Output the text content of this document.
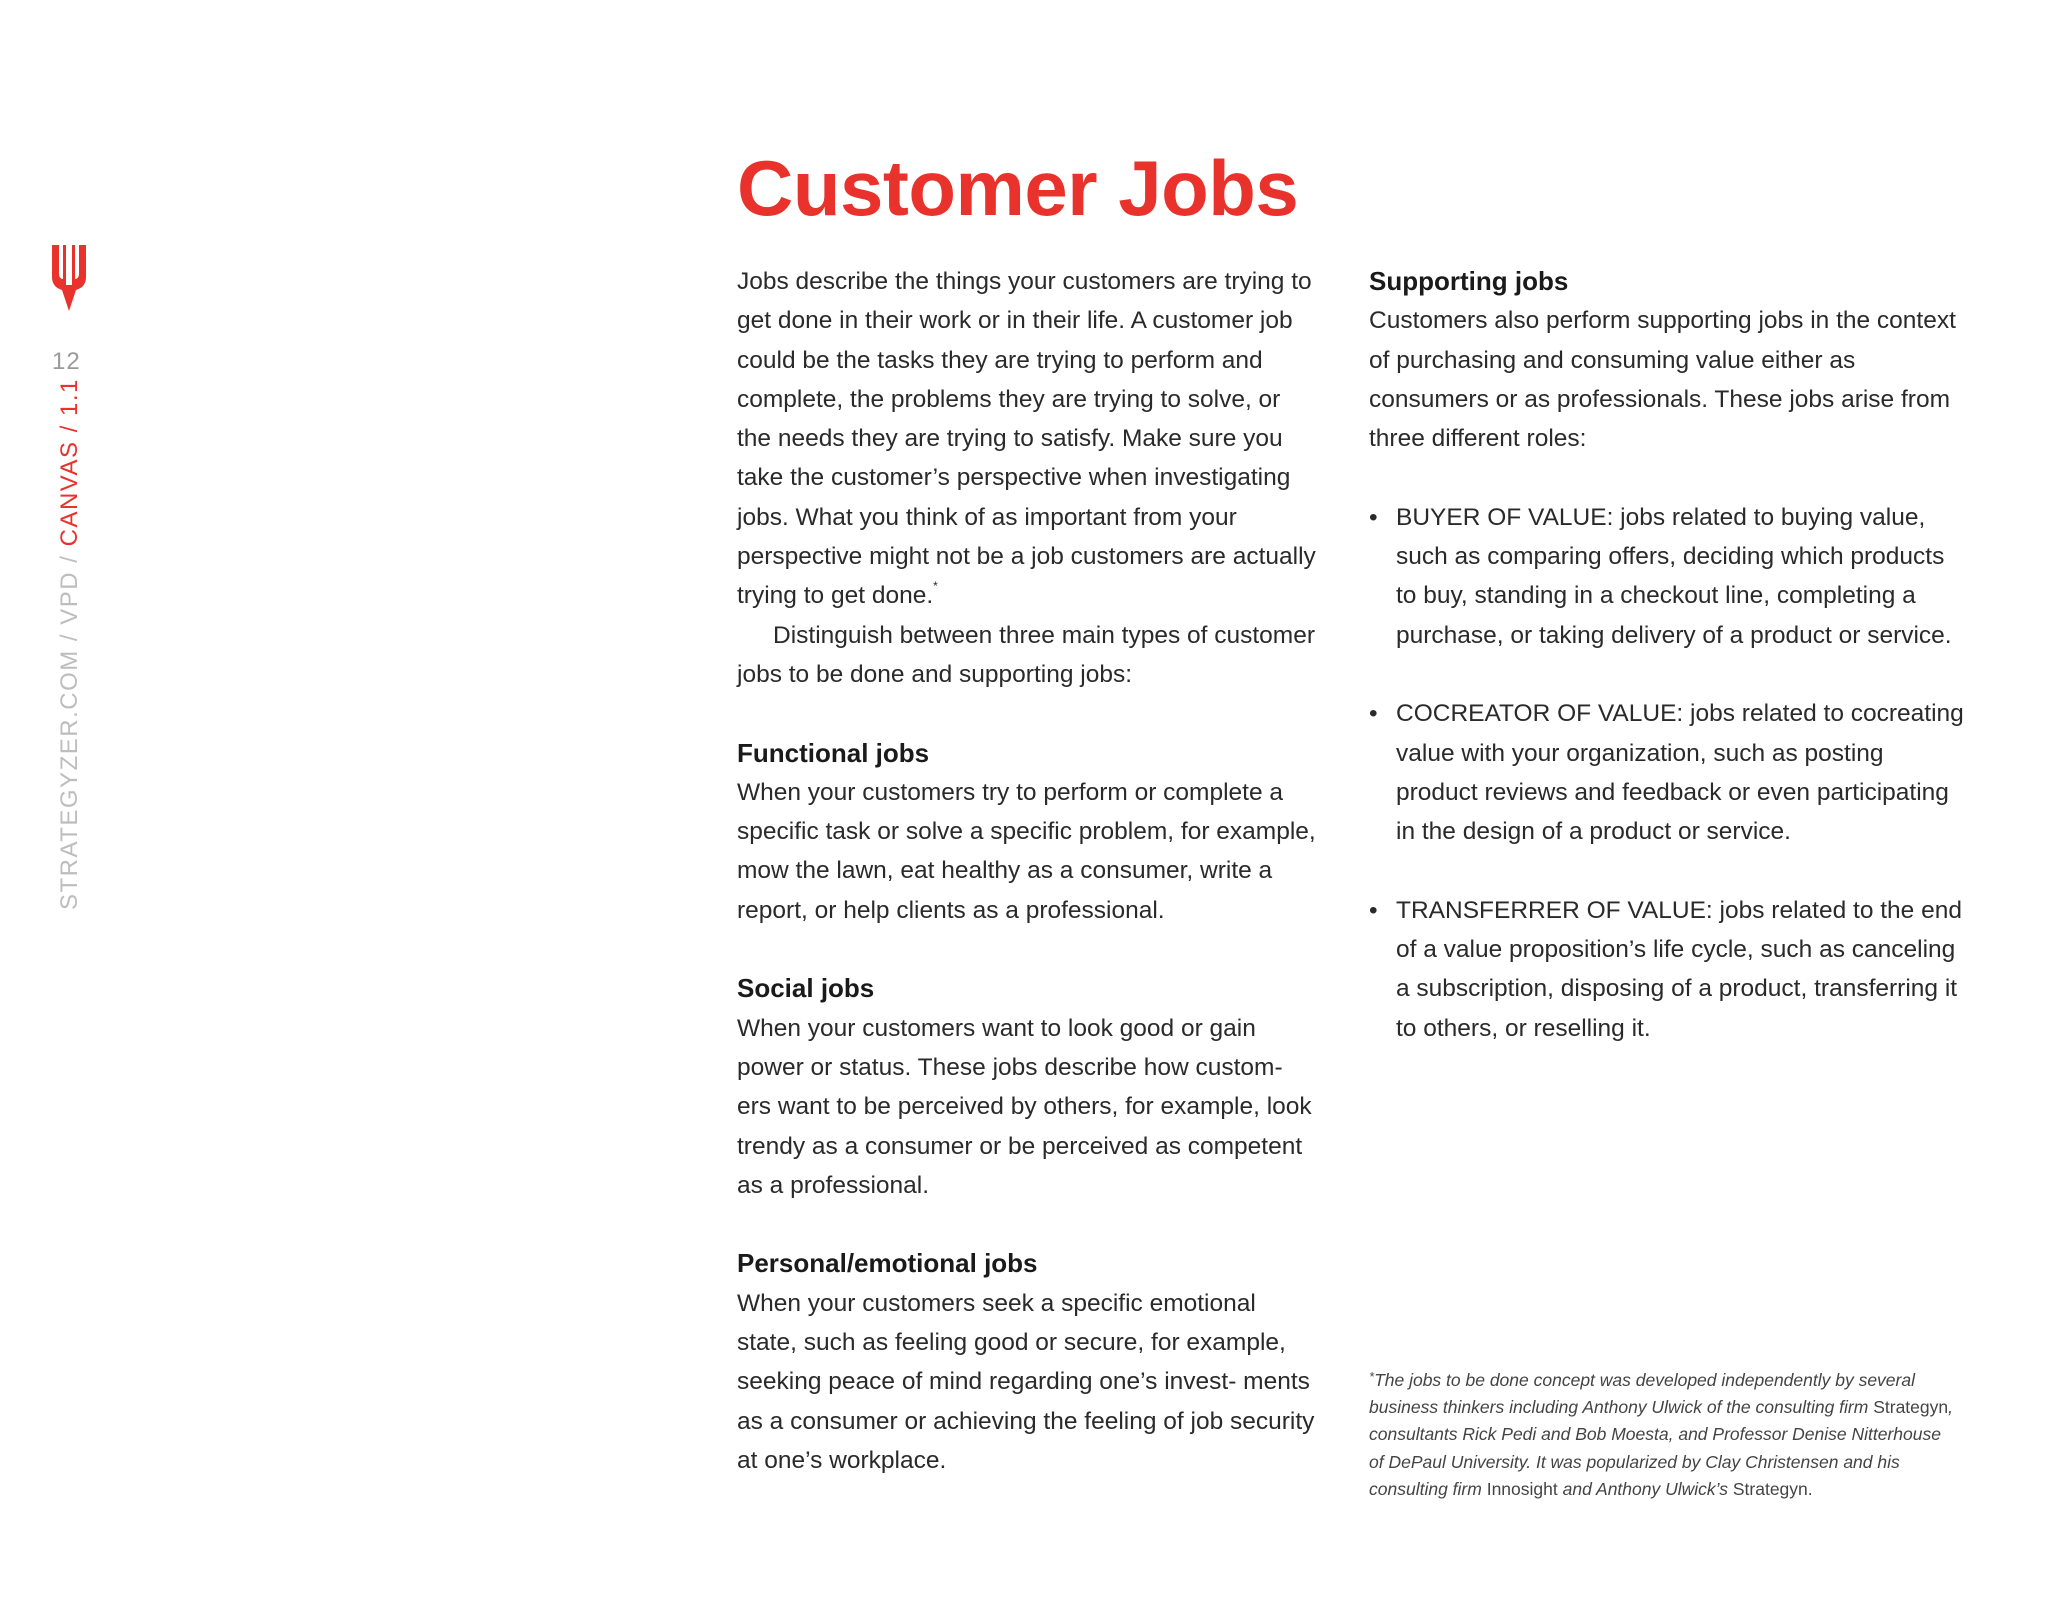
12
STRATEGYZER.COM / VPD / CANVAS / 1.1
Customer Jobs

Jobs describe the things your customers are trying to get done in their work or in their life. A customer job could be the tasks they are trying to perform and complete, the problems they are trying to solve, or the needs they are trying to satisfy. Make sure you take the customer’s perspective when investigating jobs. What you think of as important from your perspective might not be a job customers are actually trying to get done.*

Distinguish between three main types of customer jobs to be done and supporting jobs:

Functional jobs

When your customers try to perform or complete a specific task or solve a specific problem, for example, mow the lawn, eat healthy as a consumer, write a report, or help clients as a professional.

Social jobs

When your customers want to look good or gain power or status. These jobs describe how custom- ers want to be perceived by others, for example, look trendy as a consumer or be perceived as competent as a professional.

Personal/emotional jobs

When your customers seek a specific emotional state, such as feeling good or secure, for example, seeking peace of mind regarding one’s invest- ments as a consumer or achieving the feeling of job security at one’s workplace.

Supporting jobs

Customers also perform supporting jobs in the context of purchasing and consuming value either as consumers or as professionals. These jobs arise from three different roles:

• BUYER OF VALUE: jobs related to buying value, such as comparing offers, deciding which products to buy, standing in a checkout line, completing a purchase, or taking delivery of a product or service.
• COCREATOR OF VALUE: jobs related to cocreating value with your organization, such as posting product reviews and feedback or even participating in the design of a product or service.
• TRANSFERRER OF VALUE: jobs related to the end of a value proposition’s life cycle, such as canceling a subscription, disposing of a product, transferring it to others, or reselling it.
*The jobs to be done concept was developed independently by several business thinkers including Anthony Ulwick of the consulting firm Strategyn, consultants Rick Pedi and Bob Moesta, and Professor Denise Nitterhouse of DePaul University. It was popularized by Clay Christensen and his consulting firm Innosight and Anthony Ulwick’s Strategyn.
